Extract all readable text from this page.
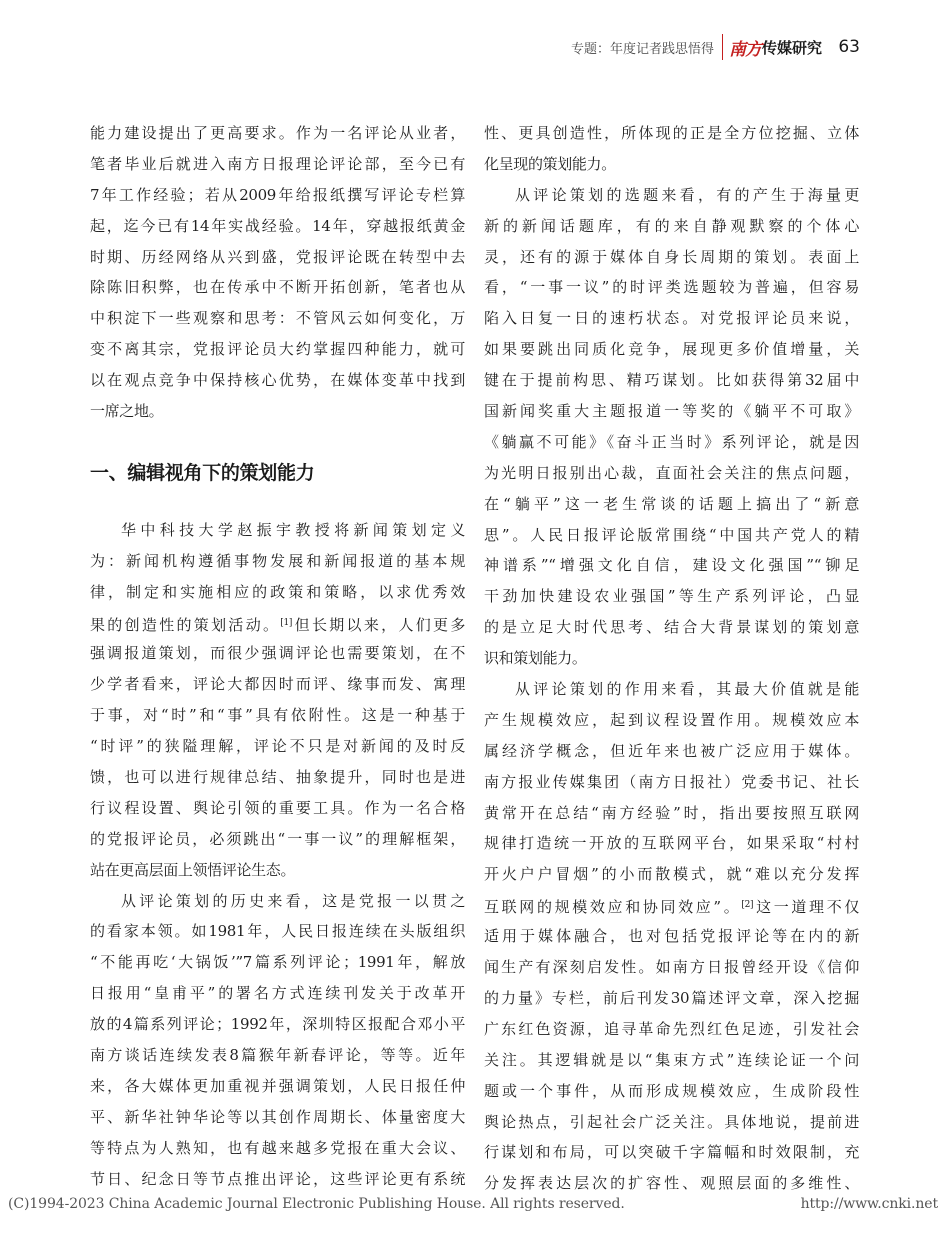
专题：年度记者践思悟得 南方 传媒研究 63
能力建设提出了更高要求。作为一名评论从业者，
笔者毕业后就进入南方日报理论评论部，至今已有
7年工作经验；若从2009年给报纸撰写评论专栏算
起，迄今已有14年实战经验。14年，穿越报纸黄金
时期、历经网络从兴到盛，党报评论既在转型中去
除陈旧积弊，也在传承中不断开拓创新，笔者也从
中积淀下一些观察和思考：不管风云如何变化，万
变不离其宗，党报评论员大约掌握四种能力，就可
以在观点竞争中保持核心优势，在媒体变革中找到
一席之地。
一、编辑视角下的策划能力
华中科技大学赵振宇教授将新闻策划定义
为：新闻机构遵循事物发展和新闻报道的基本规
律，制定和实施相应的政策和策略，以求优秀效
果的创造性的策划活动。[1]但长期以来，人们更多
强调报道策划，而很少强调评论也需要策划，在不
少学者看来，评论大都因时而评、缘事而发、寓理
于事，对“时”和“事”具有依附性。这是一种基于
“时评”的狭隘理解，评论不只是对新闻的及时反
馈，也可以进行规律总结、抽象提升，同时也是进
行议程设置、舆论引领的重要工具。作为一名合格
的党报评论员，必须跳出“一事一议”的理解框架，
站在更高层面上领悟评论生态。
从评论策划的历史来看，这是党报一以贯之
的看家本领。如1981年，人民日报连续在头版组织
“不能再吃‘大锅饭’”7篇系列评论；1991年，解放
日报用“皇甫平”的署名方式连续刊发关于改革开
放的4篇系列评论；1992年，深圳特区报配合邓小平
南方谈话连续发表8篇猴年新春评论，等等。近年
来，各大媒体更加重视并强调策划，人民日报任仲
平、新华社钟华论等以其创作周期长、体量密度大
等特点为人熟知，也有越来越多党报在重大会议、
节日、纪念日等节点推出评论，这些评论更有系统
性、更具创造性，所体现的正是全方位挖掘、立体
化呈现的策划能力。
从评论策划的选题来看，有的产生于海量更
新的新闻话题库，有的来自静观默察的个体心
灵，还有的源于媒体自身长周期的策划。表面上
看，“一事一议”的时评类选题较为普遍，但容易
陷入日复一日的速朽状态。对党报评论员来说，
如果要跳出同质化竞争，展现更多价值增量，关
键在于提前构思、精巧谋划。比如获得第32届中
国新闻奖重大主题报道一等奖的《躺平不可取》
《躺赢不可能》《奋斗正当时》系列评论，就是因
为光明日报别出心裁，直面社会关注的焦点问题，
在“躺平”这一老生常谈的话题上搞出了“新意
思”。人民日报评论版常围绕“中国共产党人的精
神谱系”“增强文化自信，建设文化强国”“铆足
干劲加快建设农业强国”等生产系列评论，凸显
的是立足大时代思考、结合大背景谋划的策划意
识和策划能力。
从评论策划的作用来看，其最大价值就是能
产生规模效应，起到议程设置作用。规模效应本
属经济学概念，但近年来也被广泛应用于媒体。
南方报业传媒集团（南方日报社）党委书记、社长
黄常开在总结“南方经验”时，指出要按照互联网
规律打造统一开放的互联网平台，如果采取“村村
开火户户冒烟”的小而散模式，就“难以充分发挥
互联网的规模效应和协同效应”。[2]这一道理不仅
适用于媒体融合，也对包括党报评论等在内的新
闻生产有深刻启发性。如南方日报曾经开设《信仰
的力量》专栏，前后刊发30篇述评文章，深入挖掘
广东红色资源，追寻革命先烈红色足迹，引发社会
关注。其逻辑就是以“集束方式”连续论证一个问
题或一个事件，从而形成规模效应，生成阶段性
舆论热点，引起社会广泛关注。具体地说，提前进
行谋划和布局，可以突破千字篇幅和时效限制，充
分发挥表达层次的扩容性、观照层面的多维性、
(C)1994-2023 China Academic Journal Electronic Publishing House. All rights reserved.	http://www.cnki.net
